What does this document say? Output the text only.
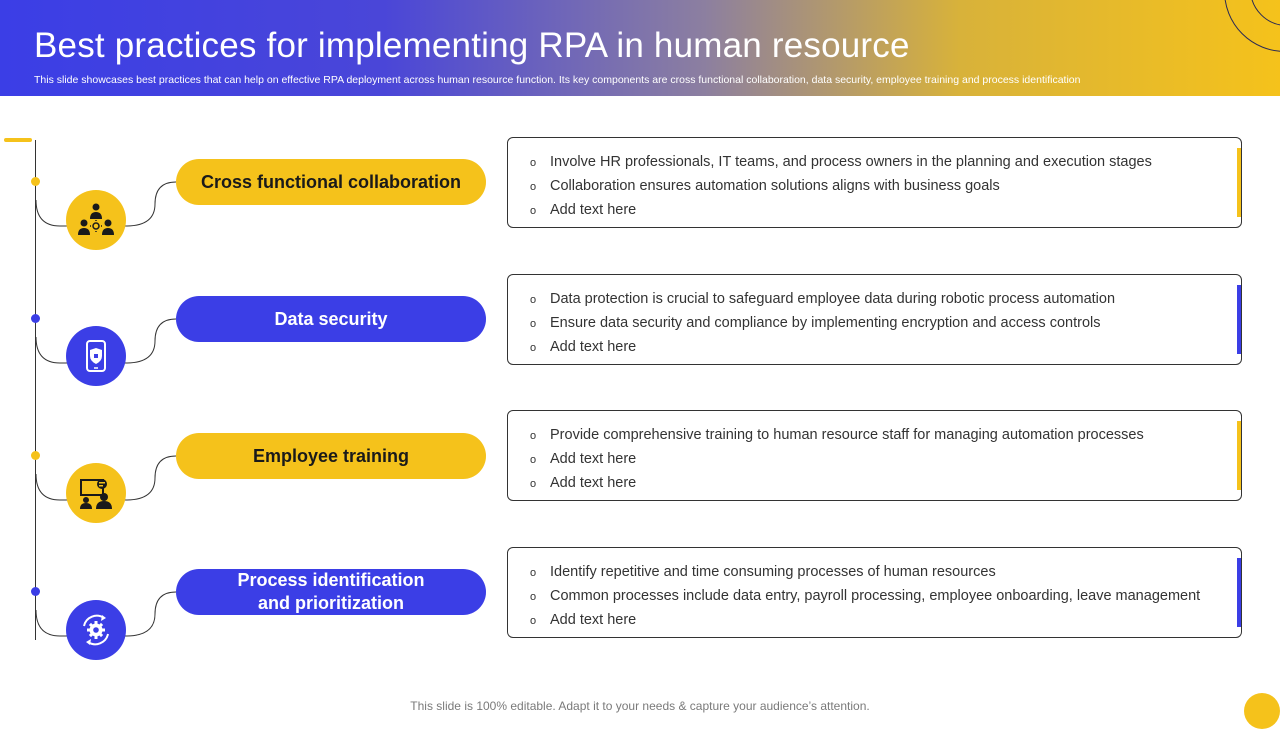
Best practices for implementing RPA in human resource
This slide showcases best practices that can help on effective RPA deployment across human resource function. Its key components are cross functional collaboration, data security, employee training and process identification
Cross functional collaboration
o Involve HR professionals, IT teams, and process owners in the planning and execution stages
o Collaboration ensures automation solutions aligns with business goals
o Add text here
Data security
o Data protection is crucial to safeguard employee data during robotic process automation
o Ensure data security and compliance by implementing encryption and access controls
o Add text here
Employee training
o Provide comprehensive training to human resource staff for managing automation processes
o Add text here
o Add text here
Process identification
and prioritization
o Identify repetitive and time consuming processes of human resources
o Common processes include data entry, payroll processing, employee onboarding, leave management
o Add text here
This slide is 100% editable. Adapt it to your needs & capture your audience’s attention.
